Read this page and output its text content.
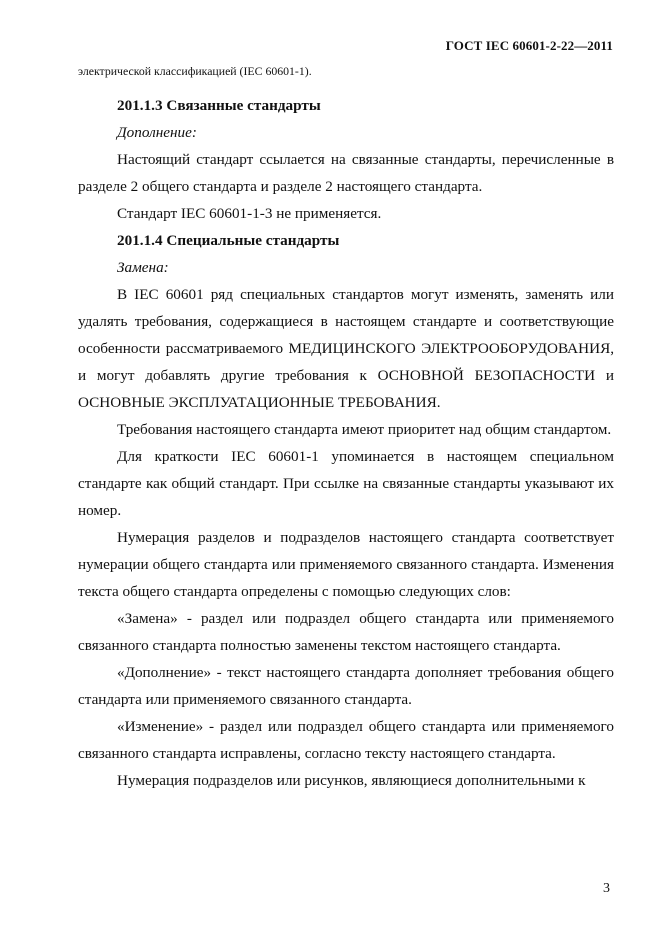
ГОСТ IEC 60601-2-22—2011

электрической классификацией (IEC 60601-1).

201.1.3 Связанные стандарты

Дополнение:

Настоящий стандарт ссылается на связанные стандарты, перечисленные в разделе 2 общего стандарта и разделе 2 настоящего стандарта.

Стандарт IEC 60601-1-3 не применяется.

201.1.4 Специальные стандарты

Замена:

В IEC 60601 ряд специальных стандартов могут изменять, заменять или удалять требования, содержащиеся в настоящем стандарте и соответствующие особенности рассматриваемого МЕДИЦИНСКОГО ЭЛЕКТРООБОРУДОВАНИЯ, и могут добавлять другие требования к ОСНОВНОЙ БЕЗОПАСНОСТИ и ОСНОВНЫЕ ЭКСПЛУАТАЦИОННЫЕ ТРЕБОВАНИЯ.

Требования настоящего стандарта имеют приоритет над общим стандартом.

Для краткости IEC 60601-1 упоминается в настоящем специальном стандарте как общий стандарт. При ссылке на связанные стандарты указывают их номер.

Нумерация разделов и подразделов настоящего стандарта соответствует нумерации общего стандарта или применяемого связанного стандарта. Изменения текста общего стандарта определены с помощью следующих слов:

«Замена» - раздел или подраздел общего стандарта или применяемого связанного стандарта полностью заменены текстом настоящего стандарта.

«Дополнение» - текст настоящего стандарта дополняет требования общего стандарта или применяемого связанного стандарта.

«Изменение» - раздел или подраздел общего стандарта или применяемого связанного стандарта исправлены, согласно тексту настоящего стандарта.

Нумерация подразделов или рисунков, являющиеся дополнительными к

3
